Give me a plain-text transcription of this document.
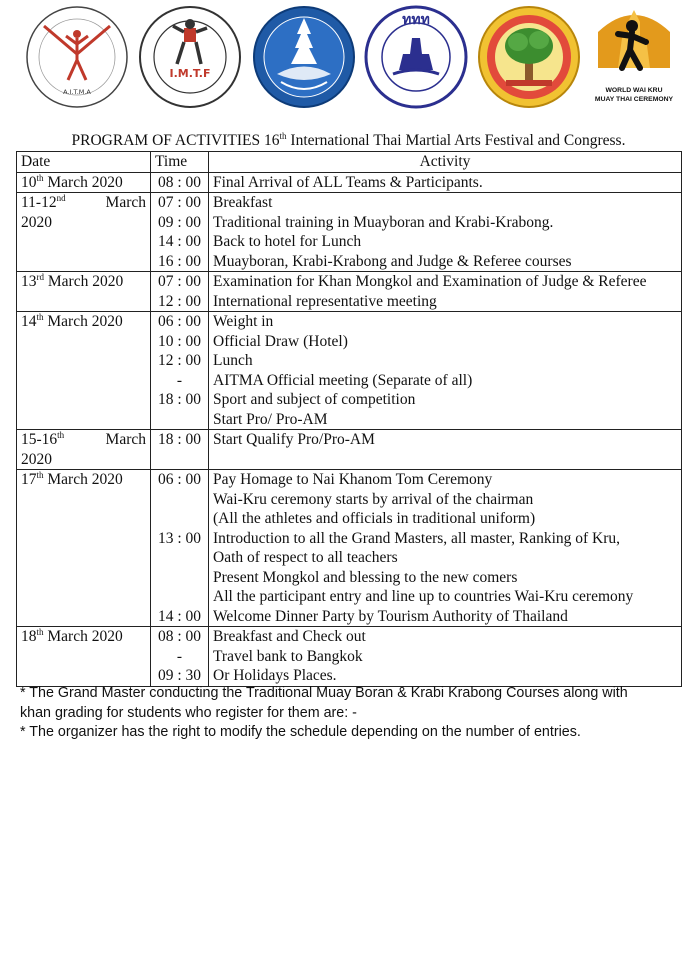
A.I.T.M.A
I.M.T.F
ททท
WORLD WAI KRU
MUAY THAI CEREMONY
PROGRAM OF ACTIVITIES 16th International Thai Martial Arts Festival and Congress.
Date	Time	Activity
10th March 2020	08 : 00	Final Arrival of ALL Teams & Participants.

11-12nd March	07 : 00	Breakfast
2020	09 : 00	Traditional training in Muayboran and Krabi-Krabong.
	14 : 00	Back to hotel for Lunch
	16 : 00	Muayboran, Krabi-Krabong and Judge & Referee courses
13rd March 2020	07 : 00	Examination for Khan Mongkol and Examination of Judge & Referee
	12 : 00	International representative meeting
14th March 2020	06 : 00	Weight in
	10 : 00	Official Draw (Hotel)
	12 : 00	Lunch
	-	AITMA Official meeting (Separate of all)
	18 : 00	Sport and subject of competition
		Start Pro/ Pro-AM

15-16th March	18 : 00	Start Qualify Pro/Pro-AM
2020		
17th March 2020	06 : 00	Pay Homage to Nai Khanom Tom Ceremony
		Wai-Kru ceremony starts by arrival of the chairman
		(All the athletes and officials in traditional uniform)
	13 : 00	Introduction to all the Grand Masters, all master, Ranking of Kru,
		Oath of respect to all teachers
		Present Mongkol and blessing to the new comers
		All the participant entry and line up to countries Wai-Kru ceremony
	14 : 00	Welcome Dinner Party by Tourism Authority of Thailand
18th March 2020	08 : 00	Breakfast and Check out
	-	Travel bank to Bangkok
	09 : 30	Or Holidays Places.

* The Grand Master conducting the Traditional Muay Boran & Krabi Krabong Courses along with

khan grading for students who register for them are: -

* The organizer has the right to modify the schedule depending on the number of entries.
